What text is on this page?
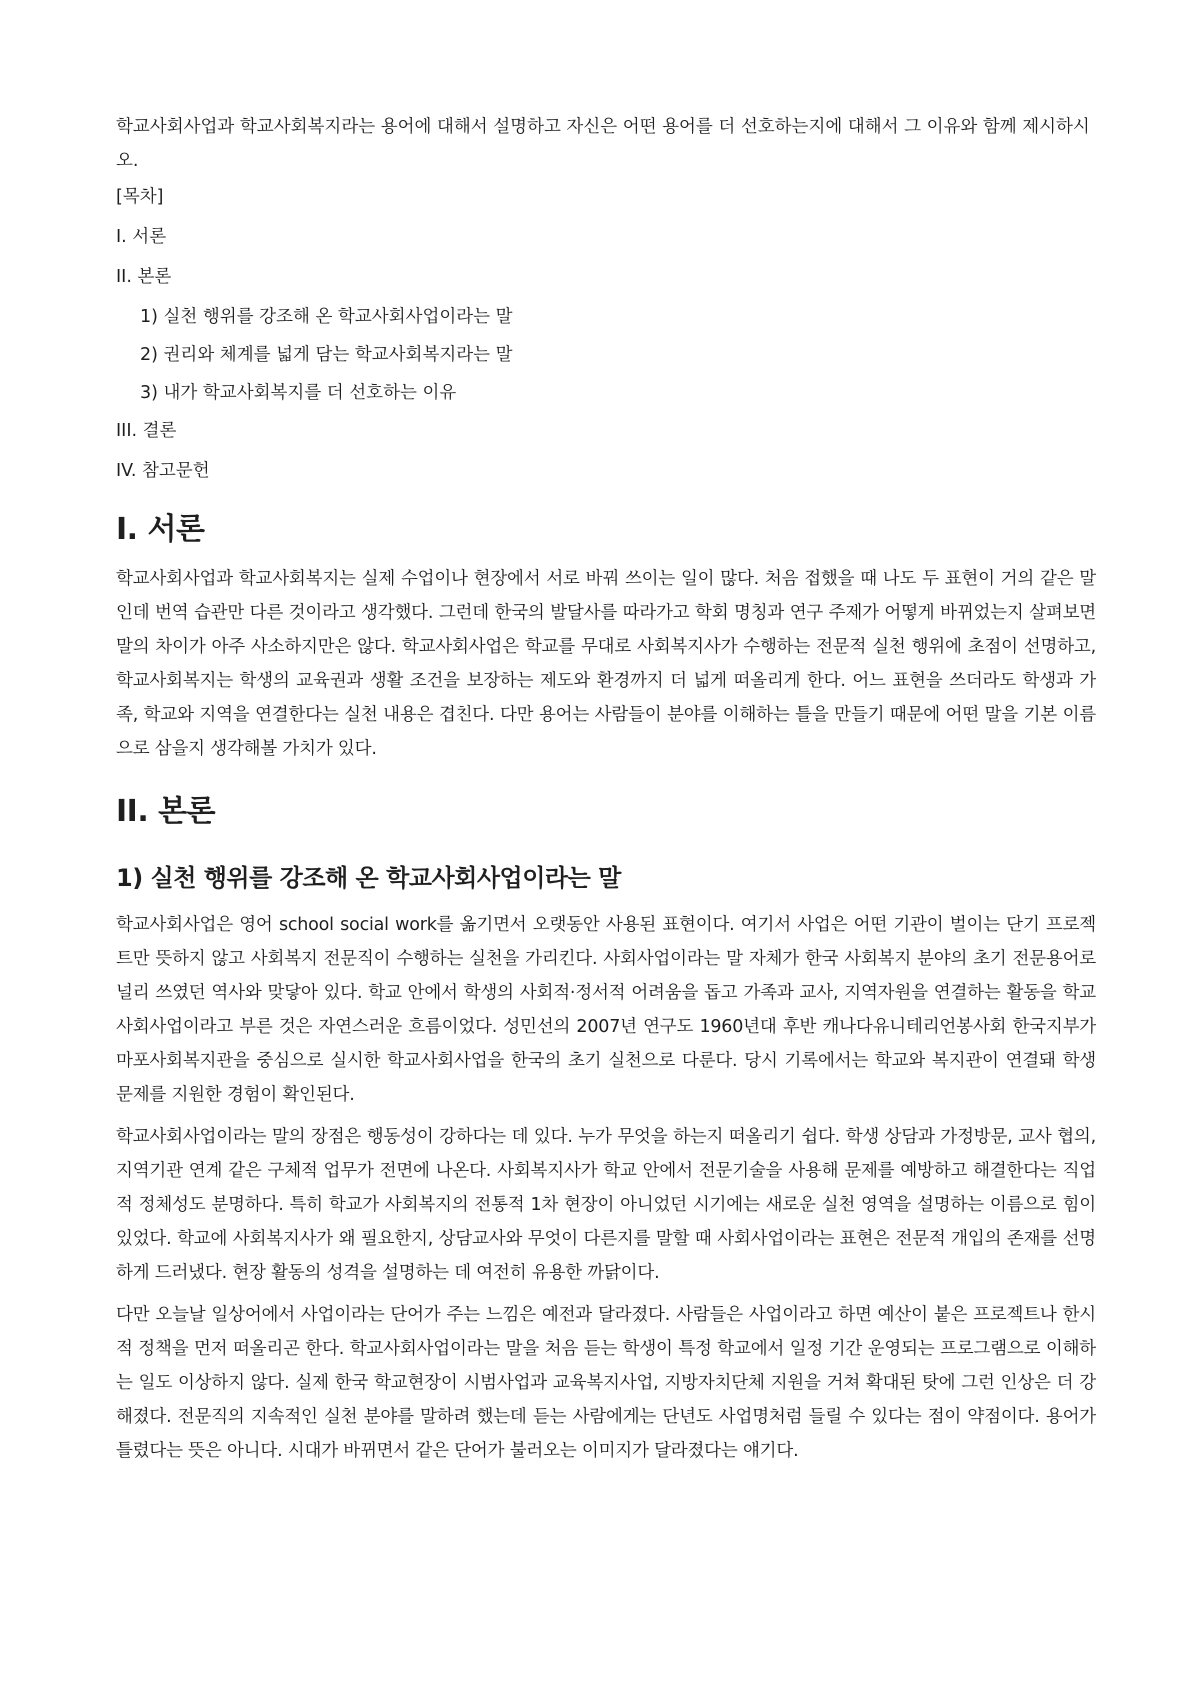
학교사회사업과 학교사회복지라는 용어에 대해서 설명하고 자신은 어떤 용어를 더 선호하는지에 대해서 그 이유와 함께 제시하시오.

[목차]
I. 서론
II. 본론
1) 실천 행위를 강조해 온 학교사회사업이라는 말
2) 권리와 체계를 넓게 담는 학교사회복지라는 말
3) 내가 학교사회복지를 더 선호하는 이유
III. 결론
IV. 참고문헌
I. 서론

학교사회사업과 학교사회복지는 실제 수업이나 현장에서 서로 바꿔 쓰이는 일이 많다. 처음 접했을 때 나도 두 표현이 거의 같은 말인데 번역 습관만 다른 것이라고 생각했다. 그런데 한국의 발달사를 따라가고 학회 명칭과 연구 주제가 어떻게 바뀌었는지 살펴보면 말의 차이가 아주 사소하지만은 않다. 학교사회사업은 학교를 무대로 사회복지사가 수행하는 전문적 실천 행위에 초점이 선명하고, 학교사회복지는 학생의 교육권과 생활 조건을 보장하는 제도와 환경까지 더 넓게 떠올리게 한다. 어느 표현을 쓰더라도 학생과 가족, 학교와 지역을 연결한다는 실천 내용은 겹친다. 다만 용어는 사람들이 분야를 이해하는 틀을 만들기 때문에 어떤 말을 기본 이름으로 삼을지 생각해볼 가치가 있다.

II. 본론
1) 실천 행위를 강조해 온 학교사회사업이라는 말

학교사회사업은 영어 school social work를 옮기면서 오랫동안 사용된 표현이다. 여기서 사업은 어떤 기관이 벌이는 단기 프로젝트만 뜻하지 않고 사회복지 전문직이 수행하는 실천을 가리킨다. 사회사업이라는 말 자체가 한국 사회복지 분야의 초기 전문용어로 널리 쓰였던 역사와 맞닿아 있다. 학교 안에서 학생의 사회적·정서적 어려움을 돕고 가족과 교사, 지역자원을 연결하는 활동을 학교사회사업이라고 부른 것은 자연스러운 흐름이었다. 성민선의 2007년 연구도 1960년대 후반 캐나다유니테리언봉사회 한국지부가 마포사회복지관을 중심으로 실시한 학교사회사업을 한국의 초기 실천으로 다룬다. 당시 기록에서는 학교와 복지관이 연결돼 학생 문제를 지원한 경험이 확인된다.

학교사회사업이라는 말의 장점은 행동성이 강하다는 데 있다. 누가 무엇을 하는지 떠올리기 쉽다. 학생 상담과 가정방문, 교사 협의, 지역기관 연계 같은 구체적 업무가 전면에 나온다. 사회복지사가 학교 안에서 전문기술을 사용해 문제를 예방하고 해결한다는 직업적 정체성도 분명하다. 특히 학교가 사회복지의 전통적 1차 현장이 아니었던 시기에는 새로운 실천 영역을 설명하는 이름으로 힘이 있었다. 학교에 사회복지사가 왜 필요한지, 상담교사와 무엇이 다른지를 말할 때 사회사업이라는 표현은 전문적 개입의 존재를 선명하게 드러냈다. 현장 활동의 성격을 설명하는 데 여전히 유용한 까닭이다.

다만 오늘날 일상어에서 사업이라는 단어가 주는 느낌은 예전과 달라졌다. 사람들은 사업이라고 하면 예산이 붙은 프로젝트나 한시적 정책을 먼저 떠올리곤 한다. 학교사회사업이라는 말을 처음 듣는 학생이 특정 학교에서 일정 기간 운영되는 프로그램으로 이해하는 일도 이상하지 않다. 실제 한국 학교현장이 시범사업과 교육복지사업, 지방자치단체 지원을 거쳐 확대된 탓에 그런 인상은 더 강해졌다. 전문직의 지속적인 실천 분야를 말하려 했는데 듣는 사람에게는 단년도 사업명처럼 들릴 수 있다는 점이 약점이다. 용어가 틀렸다는 뜻은 아니다. 시대가 바뀌면서 같은 단어가 불러오는 이미지가 달라졌다는 얘기다.
